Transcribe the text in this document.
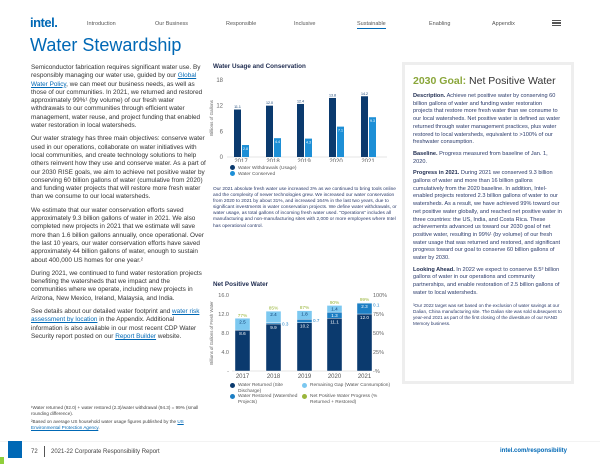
intel.	Introduction	Our Business	Responsible	Inclusive	Sustainable	Enabling	Appendix
Water Stewardship

Semiconductor fabrication requires significant water use. By responsibly managing our water use, guided by our Global Water Policy, we can meet our business needs, as well as those of our communities. In 2021, we returned and restored approximately 99%¹ (by volume) of our fresh water withdrawals to our communities through efficient water management, water reuse, and project funding that enabled water restoration in local watersheds.

Our water strategy has three main objectives: conserve water used in our operations, collaborate on water initiatives with local communities, and create technology solutions to help others reinvent how they use and conserve water. As a part of our 2030 RISE goals, we aim to achieve net positive water by conserving 60 billion gallons of water (cumulative from 2020) and funding water projects that will restore more fresh water than we consume to our local watersheds.

We estimate that our water conservation efforts saved approximately 9.3 billion gallons of water in 2021. We also completed new projects in 2021 that we estimate will save more than 1.6 billion gallons annually, once operational. Over the last 10 years, our water conservation efforts have saved approximately 44 billion gallons of water, enough to sustain about 400,000 US homes for one year.²

During 2021, we continued to fund water restoration projects benefiting the watersheds that we impact and the communities where we operate, including new projects in Arizona, New Mexico, Ireland, Malaysia, and India.

See details about our detailed water footprint and water risk assessment by location in the Appendix. Additional information is also available in our most recent CDP Water Security report posted on our Report Builder website.

¹Water returned (92.0) + water restored (2.3)/water withdrawal (94.3) = 99% (small rounding difference).

²Based on average US household water usage figures published by the US Environmental Protection Agency.

Water Usage and Conservation
0
6
12
18
Billions of Gallons
2017
11.1
2.8
2018
12.0
4.4
2019
12.4
4.3
2020
13.8
7.1
2021
14.2
9.3
Water Withdrawals (Usage)
Water Conserved

Our 2021 absolute fresh water use increased 3% as we continued to bring tools online and the complexity of newer technologies grew. We increased our water conservation from 2020 to 2021 by about 31%, and increased 164% in the last two years, due to significant investments in water conservation projects. We define water withdrawals, or water usage, as total gallons of incoming fresh water used. "Operations" includes all manufacturing and non-manufacturing sites with 2,000 or more employees where Intel has operational control.

Net Positive Water
-
4.0
8.0
12.0
16.0
-%
25%
50%
75%
100%
Billions of Gallons of Fresh Water
2017
8.6
2.5
77%
2018
9.9
0.3
2.4
85%
2019
10.2
0.7
1.8
87%
2020
11.1
1.3
1.4
90%
2021
12.0
2.3 0.1
99%
Water Returned (Site Discharge)
Remaining Gap (Water Consumption)
Water Restored (Watershed Projects)
Net Positive Water Progress (% Returned + Restored)
2030 Goal: Net Positive Water

Description. Achieve net positive water by conserving 60 billion gallons of water and funding water restoration projects that restore more fresh water than we consume to our local watersheds. Net positive water is defined as water returned through water management practices, plus water restored to local watersheds, equivalent to >100% of our freshwater consumption.

Baseline. Progress measured from baseline of Jan. 1, 2020.

Progress in 2021. During 2021 we conserved 9.3 billion gallons of water and more than 16 billion gallons cumulatively from the 2020 baseline. In addition, Intel-enabled projects restored 2.3 billion gallons of water to our watersheds. As a result, we have achieved 99% toward our net positive water globally, and reached net positive water in three countries: the US, India, and Costa Rica. These achievements advanced us toward our 2030 goal of net positive water, resulting in 99%¹ (by volume) of our fresh water usage that was returned and restored, and significant progress toward our goal to conserve 60 billion gallons of water by 2030.

Looking Ahead. In 2022 we expect to conserve 8.5³ billion gallons of water in our operations and community partnerships, and enable restoration of 2.5 billion gallons of water to local watersheds.

³Our 2022 target was set based on the exclusion of water savings at our Dalian, China manufacturing site. The Dalian site was sold subsequent to year-end 2021 as part of the first closing of the divestiture of our NAND Memory business.

72 2021-22 Corporate Responsibility Report	intel.com/responsibility
